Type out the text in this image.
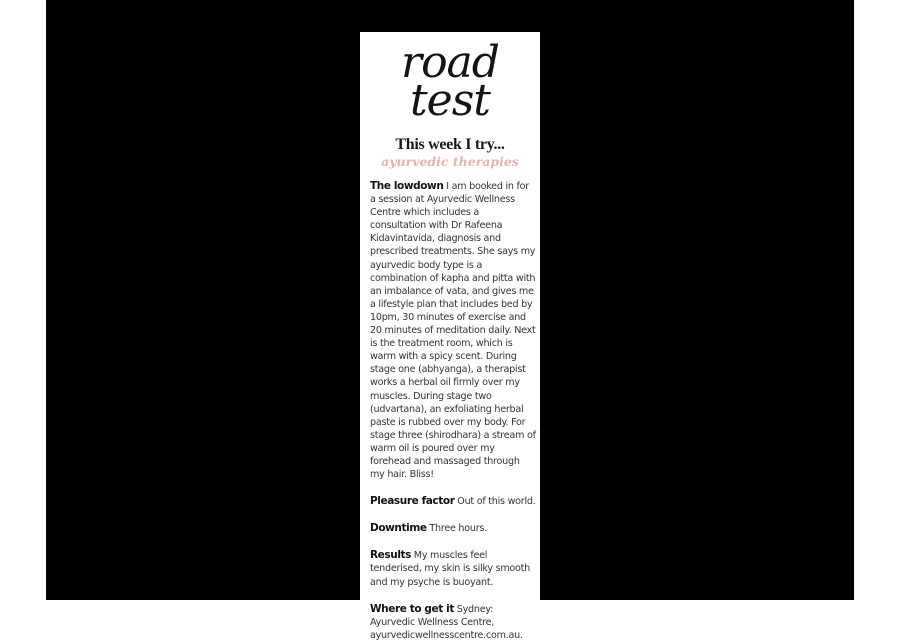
road
test
This week I try...
ayurvedic therapies

The lowdown I am booked in for a session at Ayurvedic Wellness Centre which includes a consultation with Dr Rafeena Kidavintavida, diagnosis and prescribed treatments. She says my ayurvedic body type is a combination of kapha and pitta with an imbalance of vata, and gives me a lifestyle plan that includes bed by 10pm, 30 minutes of exercise and 20 minutes of meditation daily. Next is the treatment room, which is warm with a spicy scent. During stage one (abhyanga), a therapist works a herbal oil firmly over my muscles. During stage two (udvartana), an exfoliating herbal paste is rubbed over my body. For stage three (shirodhara) a stream of warm oil is poured over my forehead and massaged through my hair. Bliss!

Pleasure factor Out of this world.

Downtime Three hours.

Results My muscles feel tenderised, my skin is silky smooth and my psyche is buoyant.

Where to get it Sydney: Ayurvedic Wellness Centre, ayurvedicwellnesscentre.com.au.
